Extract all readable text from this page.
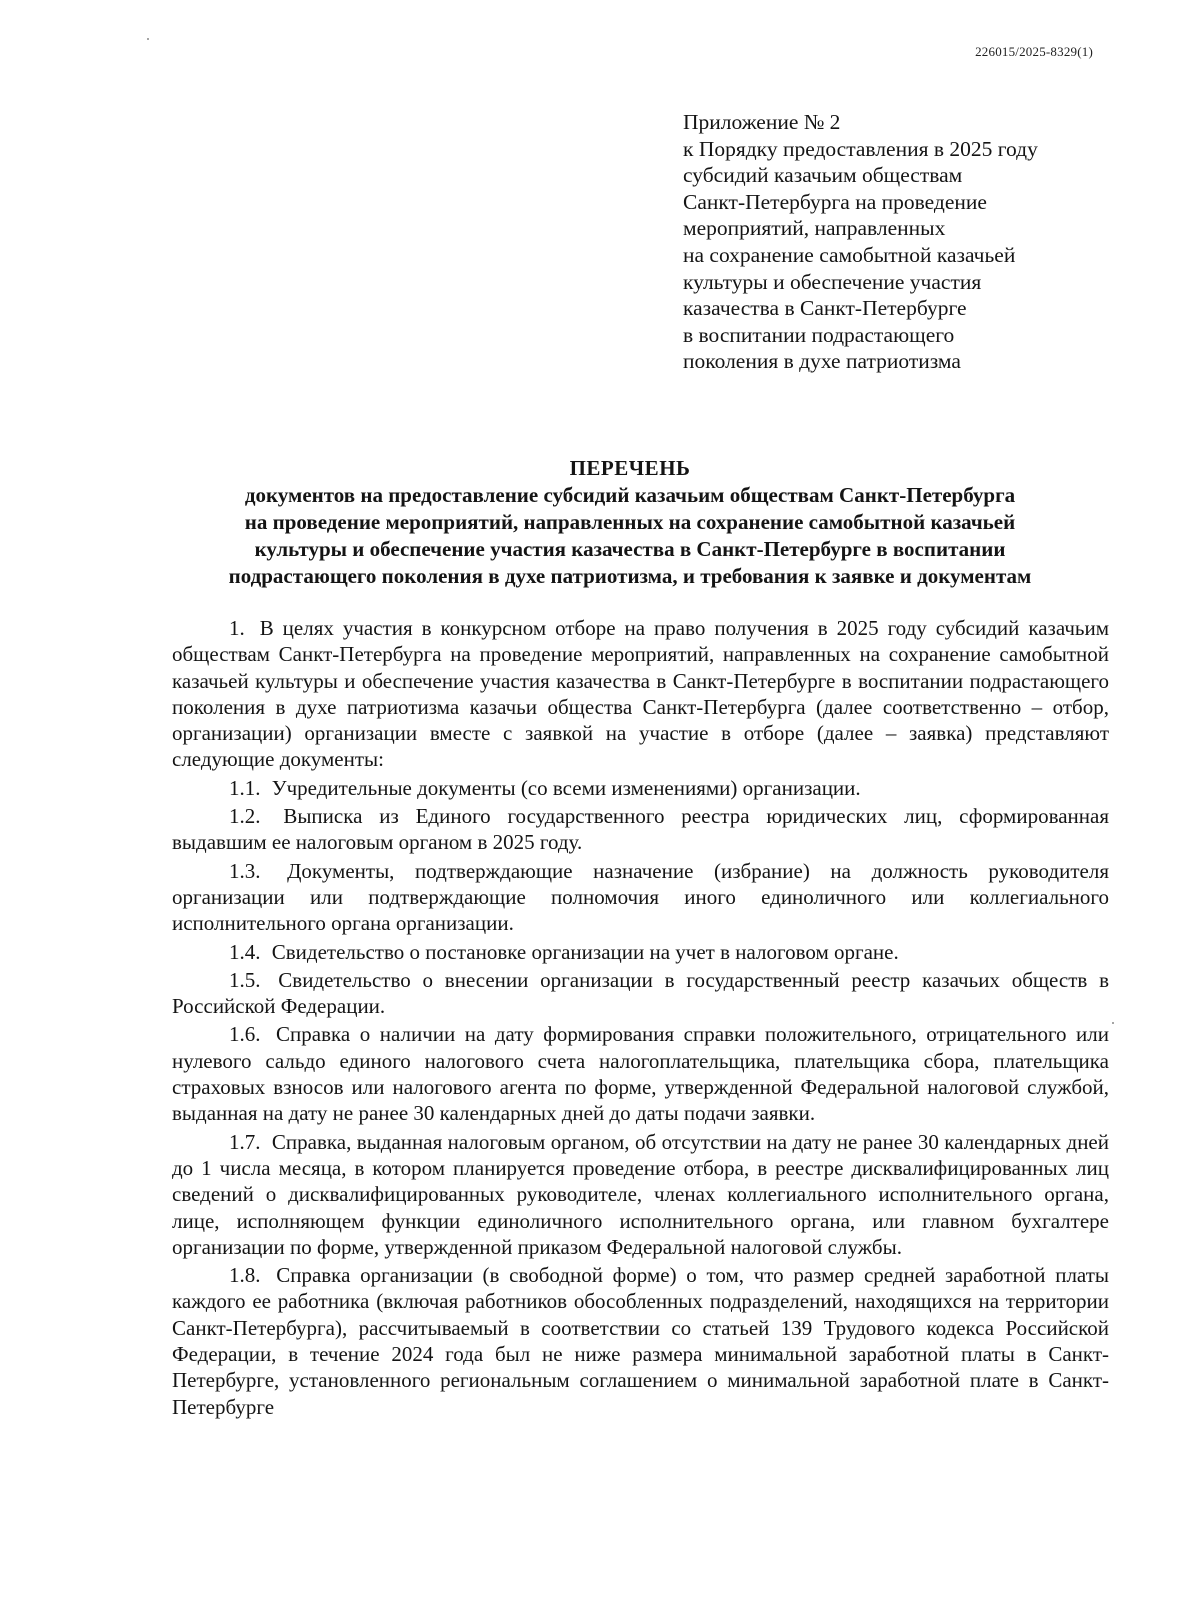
226015/2025-8329(1)
Приложение № 2
к Порядку предоставления в 2025 году
субсидий казачьим обществам
Санкт-Петербурга на проведение
мероприятий, направленных
на сохранение самобытной казачьей
культуры и обеспечение участия
казачества в Санкт-Петербурге
в воспитании подрастающего
поколения в духе патриотизма
ПЕРЕЧЕНЬ
документов на предоставление субсидий казачьим обществам Санкт-Петербурга
на проведение мероприятий, направленных на сохранение самобытной казачьей
культуры и обеспечение участия казачества в Санкт-Петербурге в воспитании
подрастающего поколения в духе патриотизма, и требования к заявке и документам

1. В целях участия в конкурсном отборе на право получения в 2025 году субсидий казачьим обществам Санкт-Петербурга на проведение мероприятий, направленных на сохранение самобытной казачьей культуры и обеспечение участия казачества в Санкт-Петербурге в воспитании подрастающего поколения в духе патриотизма казачьи общества Санкт-Петербурга (далее соответственно – отбор, организации) организации вместе с заявкой на участие в отборе (далее – заявка) представляют следующие документы:

1.1. Учредительные документы (со всеми изменениями) организации.

1.2. Выписка из Единого государственного реестра юридических лиц, сформированная выдавшим ее налоговым органом в 2025 году.

1.3. Документы, подтверждающие назначение (избрание) на должность руководителя организации или подтверждающие полномочия иного единоличного или коллегиального исполнительного органа организации.

1.4. Свидетельство о постановке организации на учет в налоговом органе.

1.5. Свидетельство о внесении организации в государственный реестр казачьих обществ в Российской Федерации.

1.6. Справка о наличии на дату формирования справки положительного, отрицательного или нулевого сальдо единого налогового счета налогоплательщика, плательщика сбора, плательщика страховых взносов или налогового агента по форме, утвержденной Федеральной налоговой службой, выданная на дату не ранее 30 календарных дней до даты подачи заявки.

1.7. Справка, выданная налоговым органом, об отсутствии на дату не ранее 30 календарных дней до 1 числа месяца, в котором планируется проведение отбора, в реестре дисквалифицированных лиц сведений о дисквалифицированных руководителе, членах коллегиального исполнительного органа, лице, исполняющем функции единоличного исполнительного органа, или главном бухгалтере организации по форме, утвержденной приказом Федеральной налоговой службы.

1.8. Справка организации (в свободной форме) о том, что размер средней заработной платы каждого ее работника (включая работников обособленных подразделений, находящихся на территории Санкт-Петербурга), рассчитываемый в соответствии со статьей 139 Трудового кодекса Российской Федерации, в течение 2024 года был не ниже размера минимальной заработной платы в Санкт-Петербурге, установленного региональным соглашением о минимальной заработной плате в Санкт-Петербурге
